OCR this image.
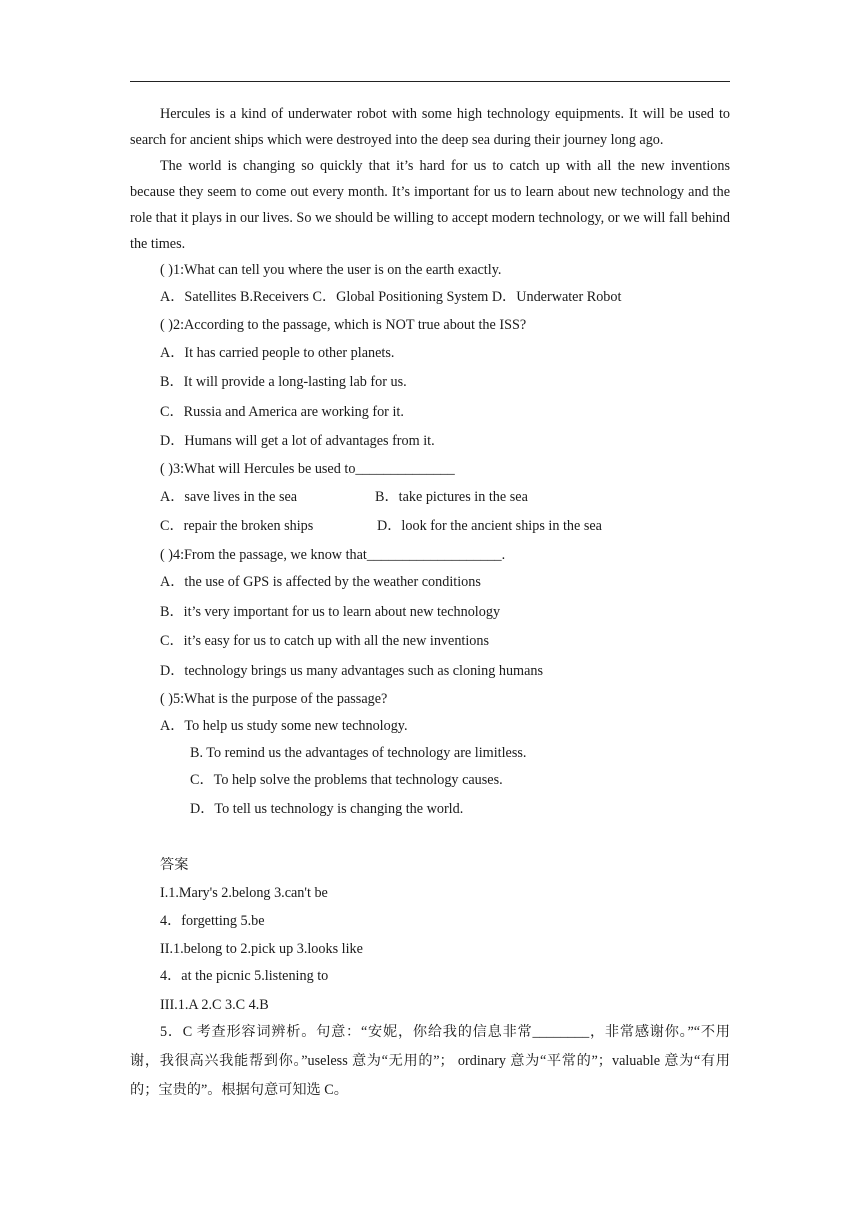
Hercules is a kind of underwater robot with some high technology equipments. It will be used to search for ancient ships which were destroyed into the deep sea during their journey long ago.

The world is changing so quickly that it’s hard for us to catch up with all the new inventions because they seem to come out every month. It’s important for us to learn about new technology and the role that it plays in our lives. So we should be willing to accept modern technology, or we will fall behind the times.

( )1:What can tell you where the user is on the earth exactly.

A．Satellites B.Receivers C．Global Positioning System D．Underwater Robot

( )2:According to the passage, which is NOT true about the ISS?

A．It has carried people to other planets.

B．It will provide a long-lasting lab for us.

C．Russia and America are working for it.

D．Humans will get a lot of advantages from it.

( )3:What will Hercules be used to______________

A．save lives in the sea	B．take pictures in the sea

C．repair the broken ships	D．look for the ancient ships in the sea

( )4:From the passage, we know that___________________.

A．the use of GPS is affected by the weather conditions

B．it’s very important for us to learn about new technology

C．it’s easy for us to catch up with all the new inventions

D．technology brings us many advantages such as cloning humans

( )5:What is the purpose of the passage?

A．To help us study some new technology.

B. To remind us the advantages of technology are limitless.

C．To help solve the problems that technology causes.

D．To tell us technology is changing the world.

答案

I.1.Mary's 2.belong 3.can't be

4．forgetting 5.be

II.1.belong to 2.pick up 3.looks like

4．at the picnic 5.listening to

III.1.A 2.C 3.C 4.B

5．C 考查形容词辨析。句意：“安妮，你给我的信息非常________，非常感谢你。”“不用谢，我很高兴我能帮到你。”useless 意为“无用的”； ordinary 意为“平常的”；valuable 意为“有用的；宝贵的”。根据句意可知选 C。
